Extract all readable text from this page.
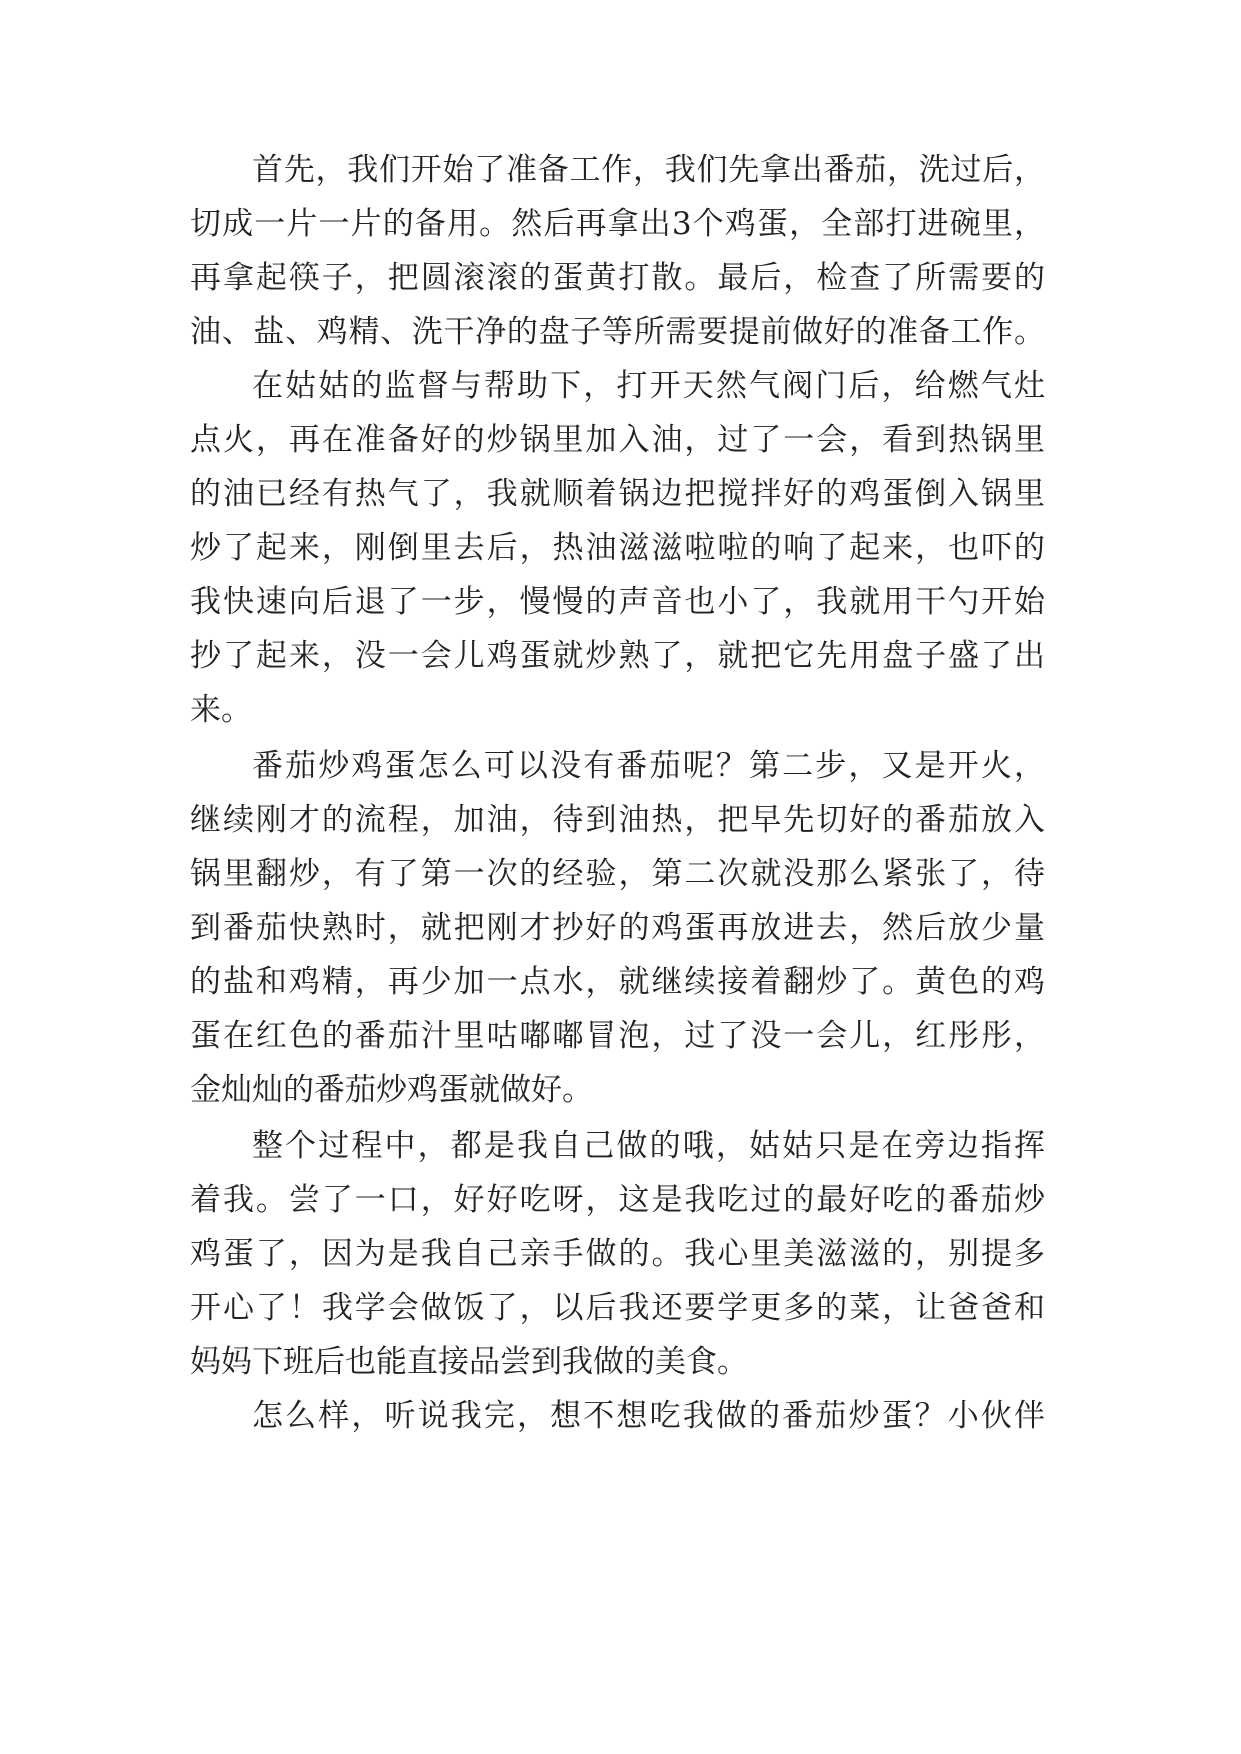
首先，我们开始了准备工作，我们先拿出番茄，洗过后，
切成一片一片的备用。然后再拿出3个鸡蛋，全部打进碗里，
再拿起筷子，把圆滚滚的蛋黄打散。最后，检查了所需要的
油、盐、鸡精、洗干净的盘子等所需要提前做好的准备工作。
在姑姑的监督与帮助下，打开天然气阀门后，给燃气灶
点火，再在准备好的炒锅里加入油，过了一会，看到热锅里
的油已经有热气了，我就顺着锅边把搅拌好的鸡蛋倒入锅里
炒了起来，刚倒里去后，热油滋滋啦啦的响了起来，也吓的
我快速向后退了一步，慢慢的声音也小了，我就用干勺开始
抄了起来，没一会儿鸡蛋就炒熟了，就把它先用盘子盛了出
来。
番茄炒鸡蛋怎么可以没有番茄呢？第二步，又是开火，
继续刚才的流程，加油，待到油热，把早先切好的番茄放入
锅里翻炒，有了第一次的经验，第二次就没那么紧张了，待
到番茄快熟时，就把刚才抄好的鸡蛋再放进去，然后放少量
的盐和鸡精，再少加一点水，就继续接着翻炒了。黄色的鸡
蛋在红色的番茄汁里咕嘟嘟冒泡，过了没一会儿，红彤彤，
金灿灿的番茄炒鸡蛋就做好。
整个过程中，都是我自己做的哦，姑姑只是在旁边指挥
着我。尝了一口，好好吃呀，这是我吃过的最好吃的番茄炒
鸡蛋了，因为是我自己亲手做的。我心里美滋滋的，别提多
开心了！我学会做饭了，以后我还要学更多的菜，让爸爸和
妈妈下班后也能直接品尝到我做的美食。
怎么样，听说我完，想不想吃我做的番茄炒蛋？小伙伴
